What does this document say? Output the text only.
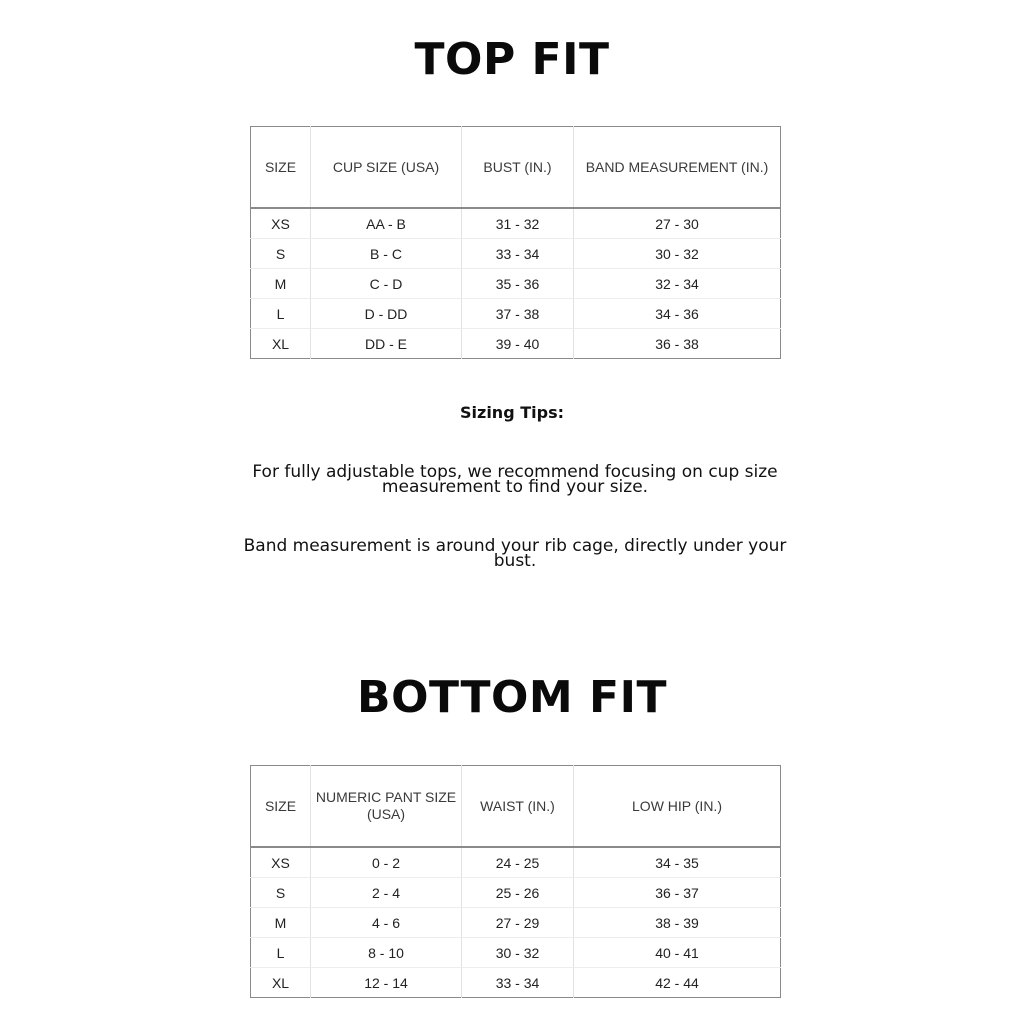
TOP FIT
SIZE	CUP SIZE (USA)	BUST (IN.)	BAND MEASUREMENT (IN.)
XS	AA - B	31 - 32	27 - 30
S	B - C	33 - 34	30 - 32
M	C - D	35 - 36	32 - 34
L	D - DD	37 - 38	34 - 36
XL	DD - E	39 - 40	36 - 38

Sizing Tips:

For fully adjustable tops, we recommend focusing on cup size measurement to find your size.

Band measurement is around your rib cage, directly under your bust.

BOTTOM FIT
SIZE	NUMERIC PANT SIZE (USA)	WAIST (IN.)	LOW HIP (IN.)
XS	0 - 2	24 - 25	34 - 35
S	2 - 4	25 - 26	36 - 37
M	4 - 6	27 - 29	38 - 39
L	8 - 10	30 - 32	40 - 41
XL	12 - 14	33 - 34	42 - 44
